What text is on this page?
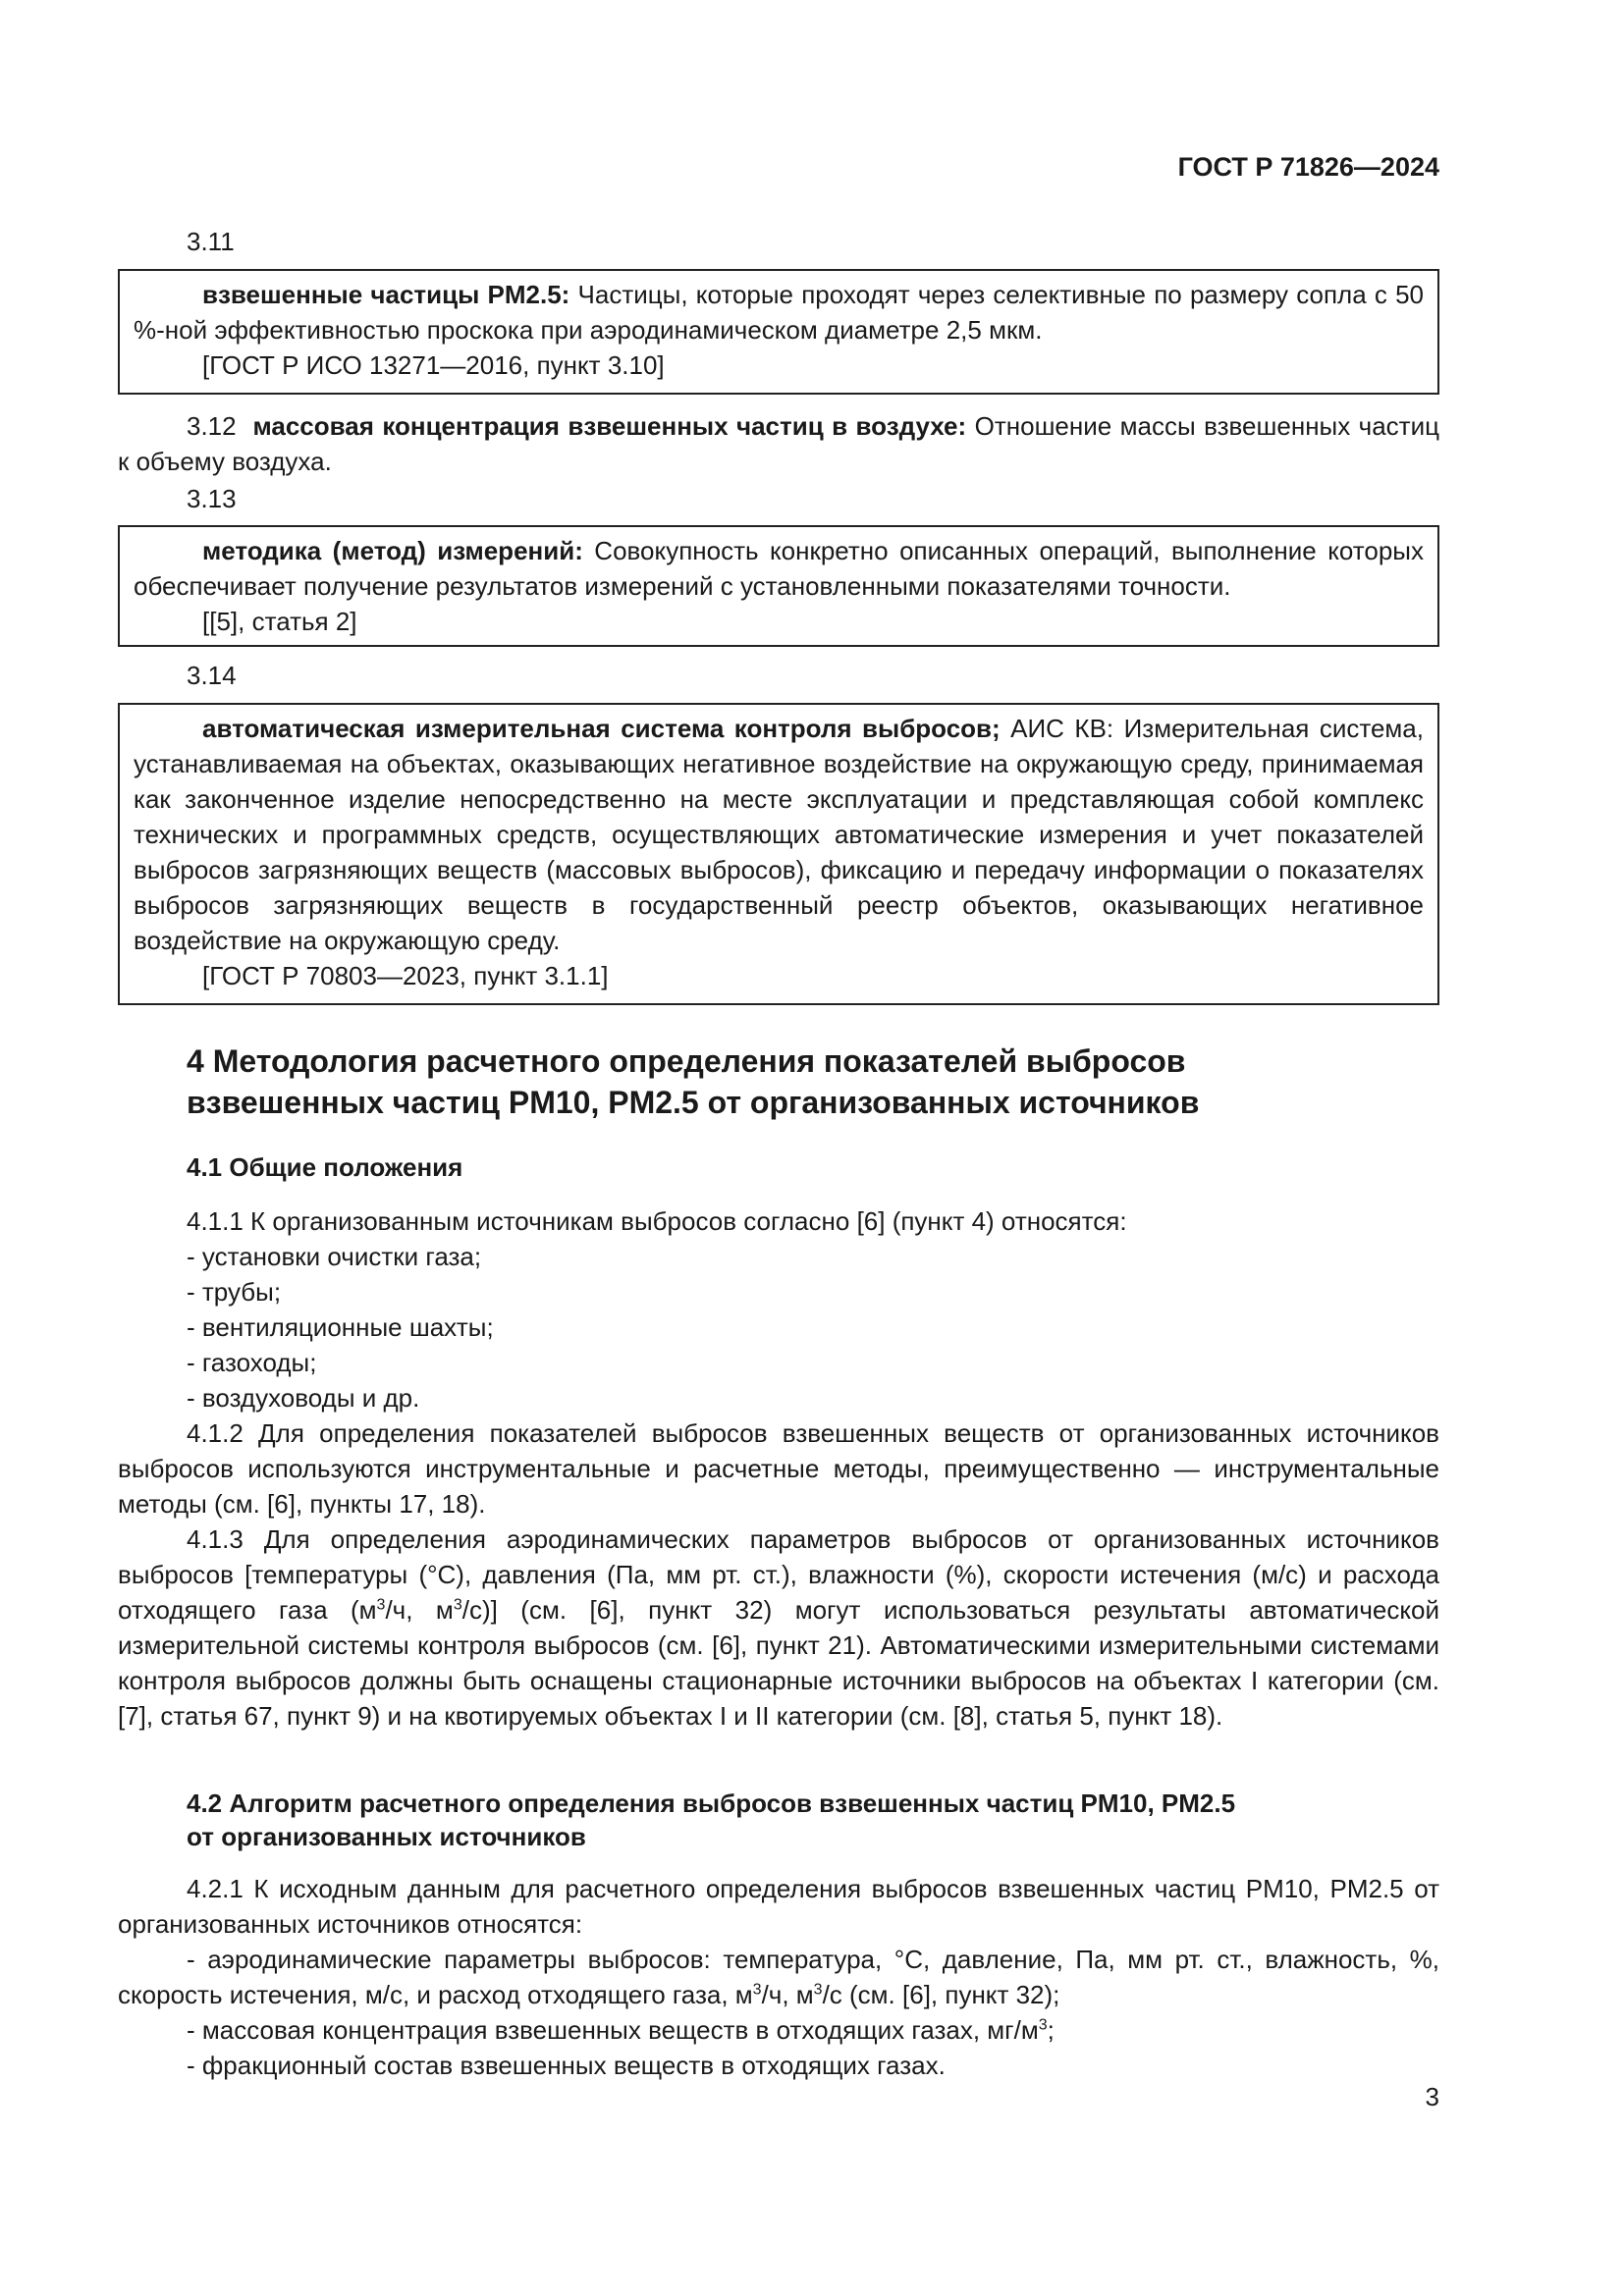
ГОСТ Р 71826—2024
3.11

взвешенные частицы PM2.5: Частицы, которые проходят через селективные по размеру сопла с 50 %-ной эффективностью проскока при аэродинамическом диаметре 2,5 мкм.

[ГОСТ Р ИСО 13271—2016, пункт 3.10]

3.12 массовая концентрация взвешенных частиц в воздухе: Отношение массы взвешенных частиц к объему воздуха.

3.13

методика (метод) измерений: Совокупность конкретно описанных операций, выполнение которых обеспечивает получение результатов измерений с установленными показателями точности.

[[5], статья 2]

3.14

автоматическая измерительная система контроля выбросов; АИС КВ: Измерительная система, устанавливаемая на объектах, оказывающих негативное воздействие на окружающую среду, принимаемая как законченное изделие непосредственно на месте эксплуатации и представляющая собой комплекс технических и программных средств, осуществляющих автоматические измерения и учет показателей выбросов загрязняющих веществ (массовых выбросов), фиксацию и передачу информации о показателях выбросов загрязняющих веществ в государственный реестр объектов, оказывающих негативное воздействие на окружающую среду.

[ГОСТ Р 70803—2023, пункт 3.1.1]

4 Методология расчетного определения показателей выбросов
взвешенных частиц PM10, PM2.5 от организованных источников
4.1 Общие положения

4.1.1 К организованным источникам выбросов согласно [6] (пункт 4) относятся:

- установки очистки газа;
- трубы;
- вентиляционные шахты;
- газоходы;
- воздуховоды и др.

4.1.2 Для определения показателей выбросов взвешенных веществ от организованных источников выбросов используются инструментальные и расчетные методы, преимущественно — инструментальные методы (см. [6], пункты 17, 18).

4.1.3 Для определения аэродинамических параметров выбросов от организованных источников выбросов [температуры (°С), давления (Па, мм рт. ст.), влажности (%), скорости истечения (м/с) и расхода отходящего газа ($м^3/ч$, $м^3/с$)] (см. [6], пункт 32) могут использоваться результаты автоматической измерительной системы контроля выбросов (см. [6], пункт 21). Автоматическими измерительными системами контроля выбросов должны быть оснащены стационарные источники выбросов на объектах I категории (см. [7], статья 67, пункт 9) и на квотируемых объектах I и II категории (см. [8], статья 5, пункт 18).

4.2 Алгоритм расчетного определения выбросов взвешенных частиц PM10, PM2.5
от организованных источников

4.2.1 К исходным данным для расчетного определения выбросов взвешенных частиц PM10, PM2.5 от организованных источников относятся:

- аэродинамические параметры выбросов: температура, °С, давление, Па, мм рт. ст., влажность, %, скорость истечения, м/с, и расход отходящего газа, $м^3/ч$, $м^3/с$ (см. [6], пункт 32);

- массовая концентрация взвешенных веществ в отходящих газах, $мг/м^3$;

- фракционный состав взвешенных веществ в отходящих газах.

3
